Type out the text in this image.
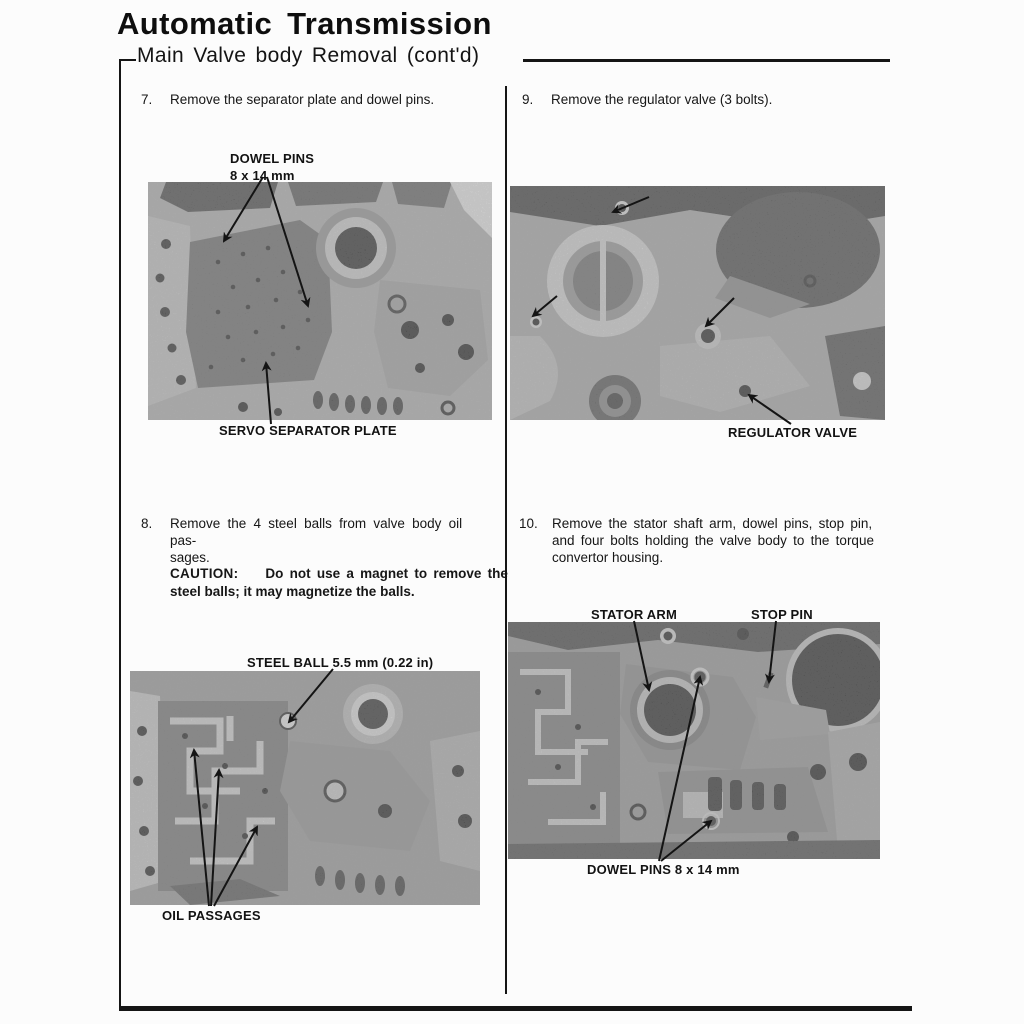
Automatic Transmission
Main Valve body Removal (cont'd)
7.	Remove the separator plate and dowel pins.	9.	Remove the regulator valve (3 bolts).
8.	Remove the 4 steel balls from valve body oil pas-
sages.
CAUTION: Do not use a magnet to remove the
steel balls; it may magnetize the balls.
10.	Remove the stator shaft arm, dowel pins, stop pin,
and four bolts holding the valve body to the torque
convertor housing.
DOWEL PINS
8 x 14 mm
SERVO SEPARATOR PLATE	REGULATOR VALVE
STEEL BALL 5.5 mm (0.22 in)
OIL PASSAGES
STATOR ARM	STOP PIN
DOWEL PINS 8 x 14 mm
